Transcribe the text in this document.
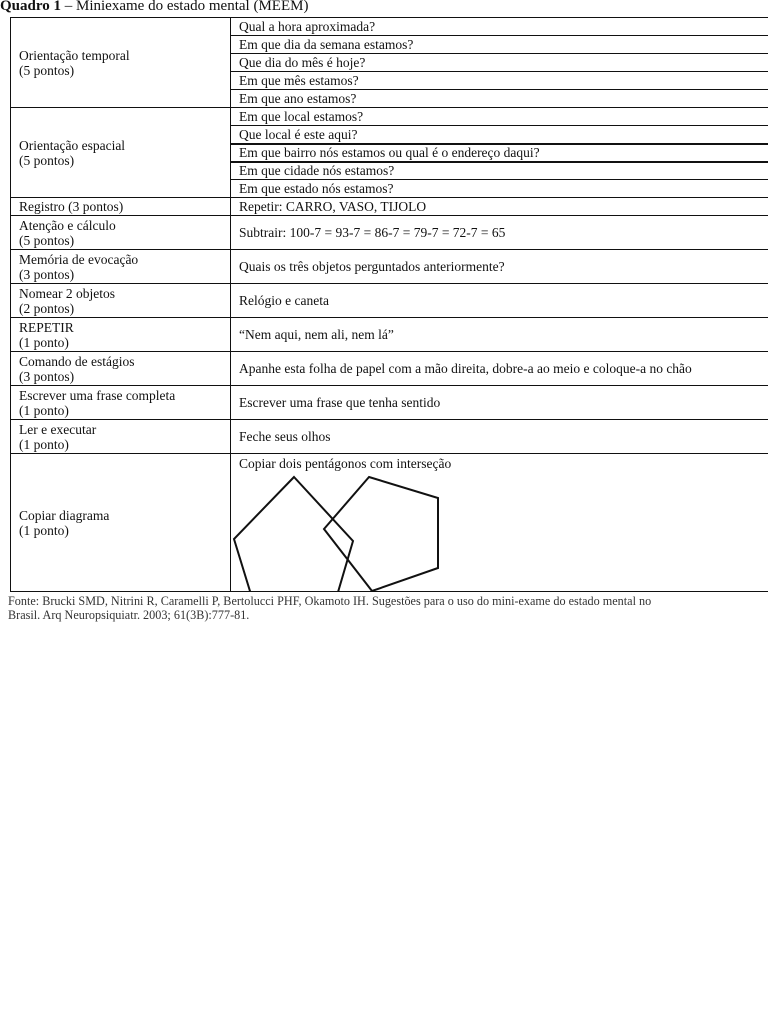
Quadro 1 – Miniexame do estado mental (MEEM)
Orientação temporal
(5 pontos)	Qual a hora aproximada?
	Em que dia da semana estamos?
	Que dia do mês é hoje?
	Em que mês estamos?
	Em que ano estamos?

Orientação espacial
(5 pontos)	Em que local estamos?
	Que local é este aqui?
	Em que bairro nós estamos ou qual é o endereço daqui?
	Em que cidade nós estamos?
	Em que estado nós estamos?
Registro (3 pontos)	Repetir: CARRO, VASO, TIJOLO

Atenção e cálculo
(5 pontos)	Subtrair: 100-7 = 93-7 = 86-7 = 79-7 = 72-7 = 65

Memória de evocação
(3 pontos)	Quais os três objetos perguntados anteriormente?

Nomear 2 objetos
(2 pontos)	Relógio e caneta

REPETIR
(1 ponto)	“Nem aqui, nem ali, nem lá”

Comando de estágios
(3 pontos)	Apanhe esta folha de papel com a mão direita, dobre-a ao meio e coloque-a no chão

Escrever uma frase completa
(1 ponto)	Escrever uma frase que tenha sentido

Ler e executar
(1 ponto)	Feche seus olhos

Copiar diagrama
(1 ponto)	Copiar dois pentágonos com interseção
Fonte: Brucki SMD, Nitrini R, Caramelli P, Bertolucci PHF, Okamoto IH. Sugestões para o uso do mini-exame do estado mental no
Brasil. Arq Neuropsiquiatr. 2003; 61(3B):777-81.
